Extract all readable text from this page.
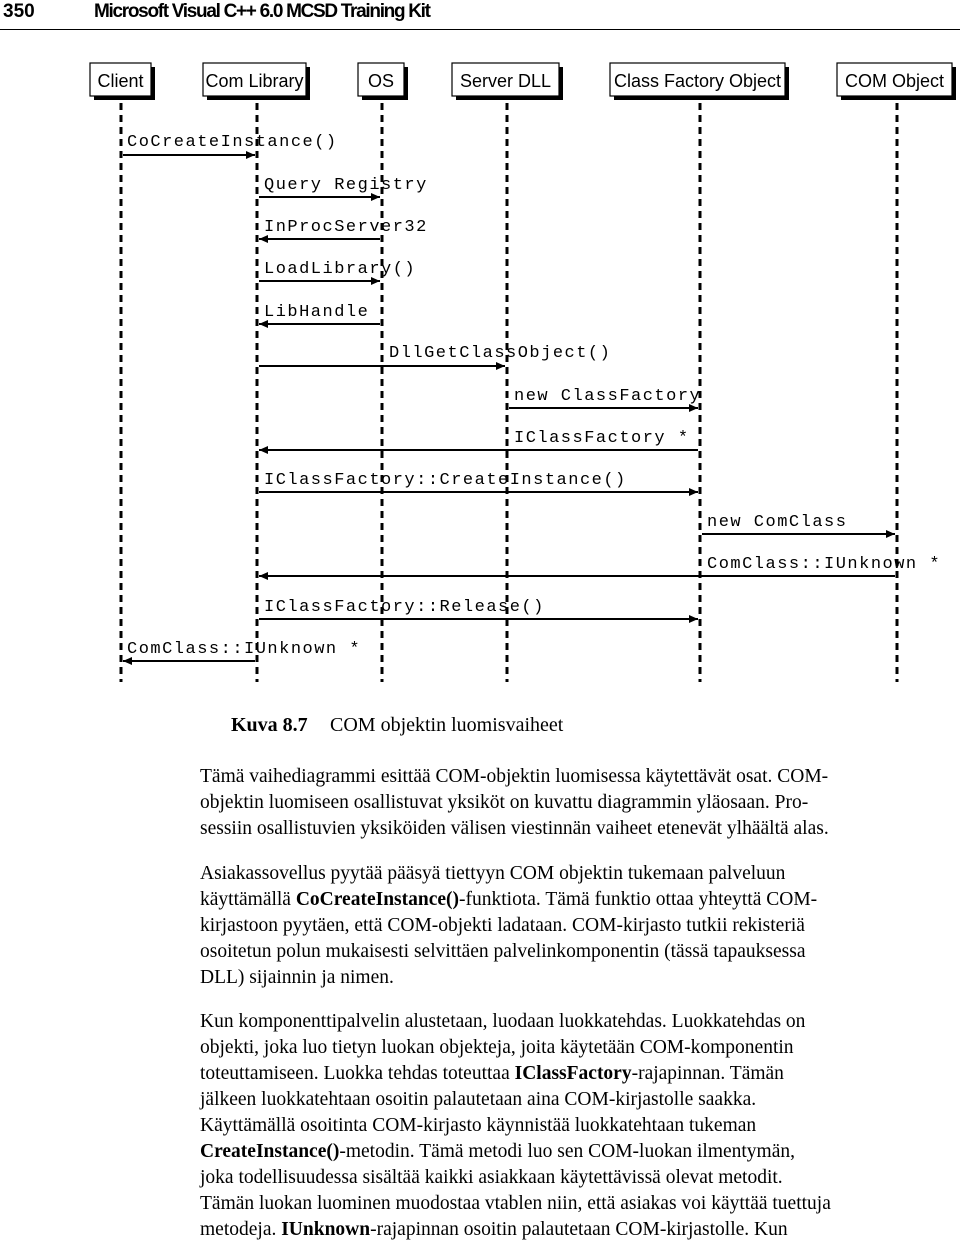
350	Microsoft Visual C++ 6.0 MCSD Training Kit
Client	Com Library	OS	Server DLL	Class Factory Object	COM Object
CoCreateInstance()
Query Registry
InProcServer32
LoadLibrary()
LibHandle
DllGetClassObject()
new ClassFactory
IClassFactory *
IClassFactory::CreateInstance()
new ComClass
ComClass::IUnknown *
IClassFactory::Release()
ComClass::IUnknown *
Kuva 8.7 COM objektin luomisvaiheet
Tämä vaihediagrammi esittää COM-objektin luomisessa käytettävät osat. COM-
objektin luomiseen osallistuvat yksiköt on kuvattu diagrammin yläosaan. Pro-
sessiin osallistuvien yksiköiden välisen viestinnän vaiheet etenevät ylhäältä alas.
Asiakassovellus pyytää pääsyä tiettyyn COM objektin tukemaan palveluun
käyttämällä CoCreateInstance()-funktiota. Tämä funktio ottaa yhteyttä COM-
kirjastoon pyytäen, että COM-objekti ladataan. COM-kirjasto tutkii rekisteriä
osoitetun polun mukaisesti selvittäen palvelinkomponentin (tässä tapauksessa
DLL) sijainnin ja nimen.

Kun komponenttipalvelin alustetaan, luodaan luokkatehdas. Luokkatehdas on
objekti, joka luo tietyn luokan objekteja, joita käytetään COM-komponentin
toteuttamiseen. Luokka tehdas toteuttaa IClassFactory-rajapinnan. Tämän
jälkeen luokkatehtaan osoitin palautetaan aina COM-kirjastolle saakka.
Käyttämällä osoitinta COM-kirjasto käynnistää luokkatehtaan tukeman
CreateInstance()-metodin. Tämä metodi luo sen COM-luokan ilmentymän,
joka todellisuudessa sisältää kaikki asiakkaan käytettävissä olevat metodit.
Tämän luokan luominen muodostaa vtablen niin, että asiakas voi käyttää tuettuja
metodeja. IUnknown-rajapinnan osoitin palautetaan COM-kirjastolle. Kun
